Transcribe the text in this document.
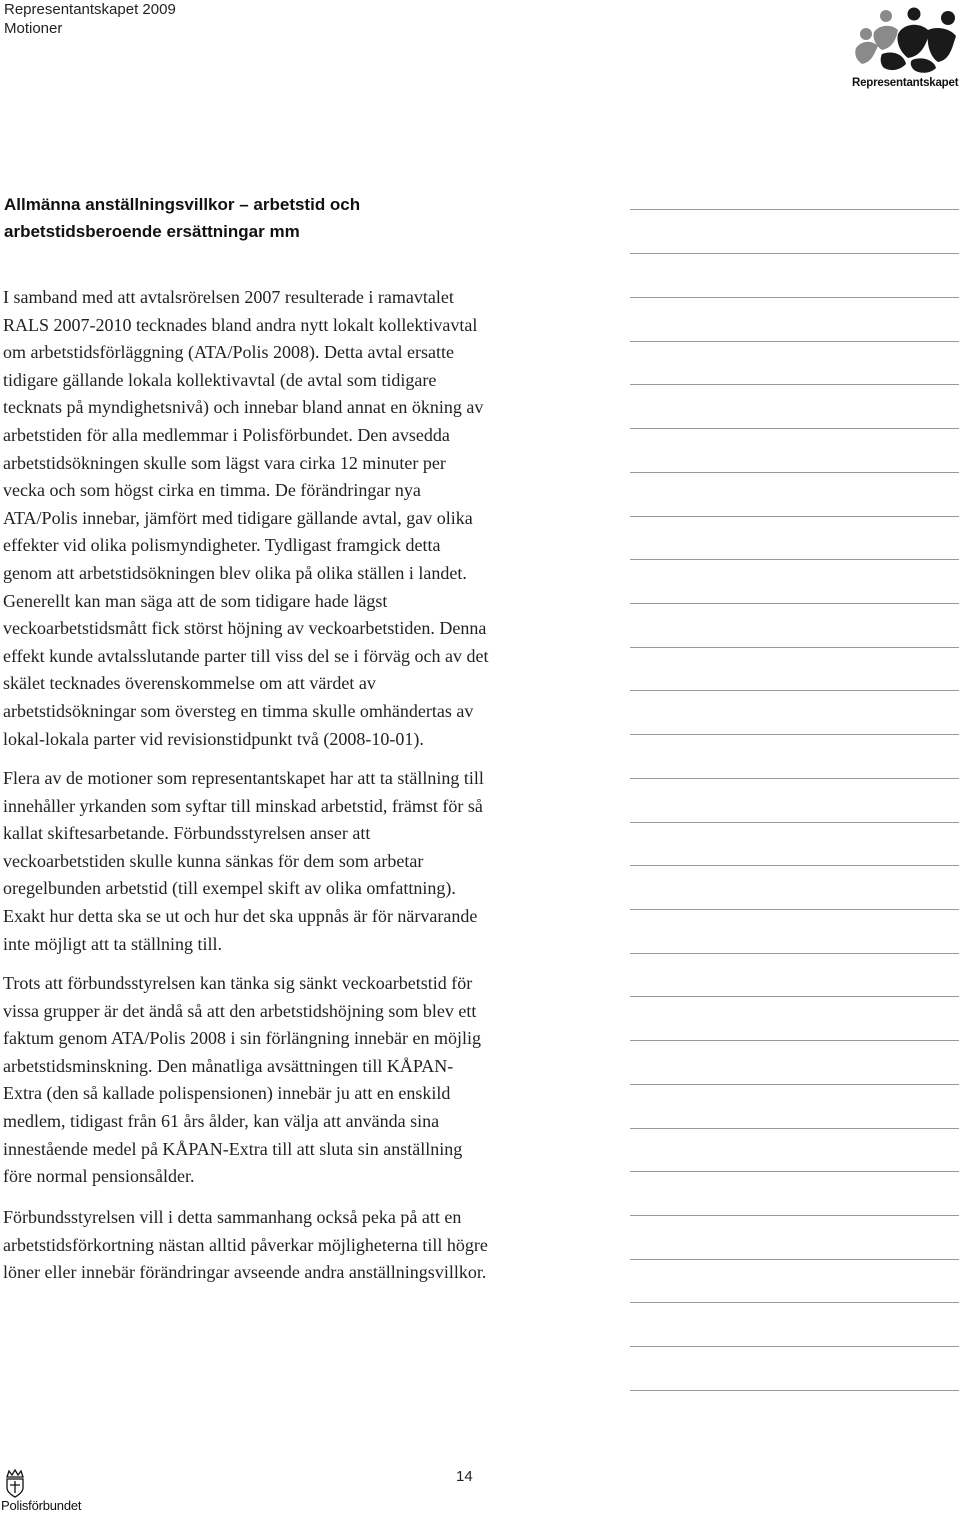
Representantskapet 2009
Motioner
Representantskapet
Allmänna anställningsvillkor – arbetstid och
arbetstidsberoende ersättningar mm
I samband med att avtalsrörelsen 2007 resulterade i ramavtalet
RALS 2007-2010 tecknades bland andra nytt lokalt kollektivavtal
om arbetstidsförläggning (ATA/Polis 2008). Detta avtal ersatte
tidigare gällande lokala kollektivavtal (de avtal som tidigare
tecknats på myndighetsnivå) och innebar bland annat en ökning av
arbetstiden för alla medlemmar i Polisförbundet. Den avsedda
arbetstidsökningen skulle som lägst vara cirka 12 minuter per
vecka och som högst cirka en timma. De förändringar nya
ATA/Polis innebar, jämfört med tidigare gällande avtal, gav olika
effekter vid olika polismyndigheter. Tydligast framgick detta
genom att arbetstidsökningen blev olika på olika ställen i landet.
Generellt kan man säga att de som tidigare hade lägst
veckoarbetstidsmått fick störst höjning av veckoarbetstiden. Denna
effekt kunde avtalsslutande parter till viss del se i förväg och av det
skälet tecknades överenskommelse om att värdet av
arbetstidsökningar som översteg en timma skulle omhändertas av
lokal-lokala parter vid revisionstidpunkt två (2008-10-01).
Flera av de motioner som representantskapet har att ta ställning till
innehåller yrkanden som syftar till minskad arbetstid, främst för så
kallat skiftesarbetande. Förbundsstyrelsen anser att
veckoarbetstiden skulle kunna sänkas för dem som arbetar
oregelbunden arbetstid (till exempel skift av olika omfattning).
Exakt hur detta ska se ut och hur det ska uppnås är för närvarande
inte möjligt att ta ställning till.
Trots att förbundsstyrelsen kan tänka sig sänkt veckoarbetstid för
vissa grupper är det ändå så att den arbetstidshöjning som blev ett
faktum genom ATA/Polis 2008 i sin förlängning innebär en möjlig
arbetstidsminskning. Den månatliga avsättningen till KÅPAN-
Extra (den så kallade polispensionen) innebär ju att en enskild
medlem, tidigast från 61 års ålder, kan välja att använda sina
innestående medel på KÅPAN-Extra till att sluta sin anställning
före normal pensionsålder.
Förbundsstyrelsen vill i detta sammanhang också peka på att en
arbetstidsförkortning nästan alltid påverkar möjligheterna till högre
löner eller innebär förändringar avseende andra anställningsvillkor.
14
Polisförbundet
